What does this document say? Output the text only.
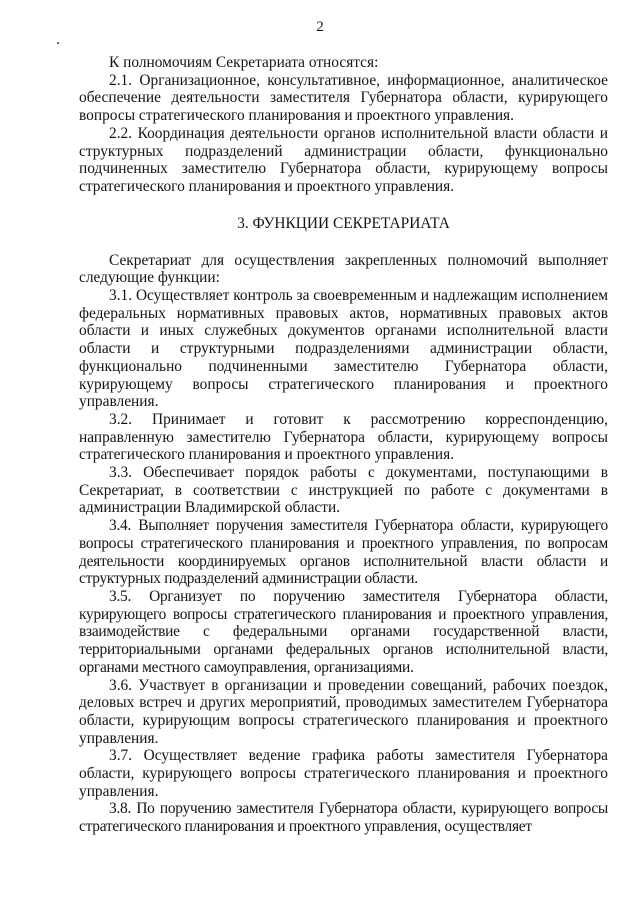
2

К полномочиям Секретариата относятся:

2.1. Организационное, консультативное, информационное, аналитическое обеспечение деятельности заместителя Губернатора области, курирующего вопросы стратегического планирования и проектного управления.

2.2. Координация деятельности органов исполнительной власти области и структурных подразделений администрации области, функционально подчиненных заместителю Губернатора области, курирующему вопросы стратегического планирования и проектного управления.

3. ФУНКЦИИ СЕКРЕТАРИАТА

Секретариат для осуществления закрепленных полномочий выполняет следующие функции:

3.1. Осуществляет контроль за своевременным и надлежащим исполнением федеральных нормативных правовых актов, нормативных правовых актов области и иных служебных документов органами исполнительной власти области и структурными подразделениями администрации области, функционально подчиненными заместителю Губернатора области, курирующему вопросы стратегического планирования и проектного управления.

3.2. Принимает и готовит к рассмотрению корреспонденцию, направленную заместителю Губернатора области, курирующему вопросы стратегического планирования и проектного управления.

3.3. Обеспечивает порядок работы с документами, поступающими в Секретариат, в соответствии с инструкцией по работе с документами в администрации Владимирской области.

3.4. Выполняет поручения заместителя Губернатора области, курирующего вопросы стратегического планирования и проектного управления, по вопросам деятельности координируемых органов исполнительной власти области и структурных подразделений администрации области.

3.5. Организует по поручению заместителя Губернатора области, курирующего вопросы стратегического планирования и проектного управления, взаимодействие с федеральными органами государственной власти, территориальными органами федеральных органов исполнительной власти, органами местного самоуправления, организациями.

3.6. Участвует в организации и проведении совещаний, рабочих поездок, деловых встреч и других мероприятий, проводимых заместителем Губернатора области, курирующим вопросы стратегического планирования и проектного управления.

3.7. Осуществляет ведение графика работы заместителя Губернатора области, курирующего вопросы стратегического планирования и проектного управления.

3.8. По поручению заместителя Губернатора области, курирующего вопросы стратегического планирования и проектного управления, осуществляет
